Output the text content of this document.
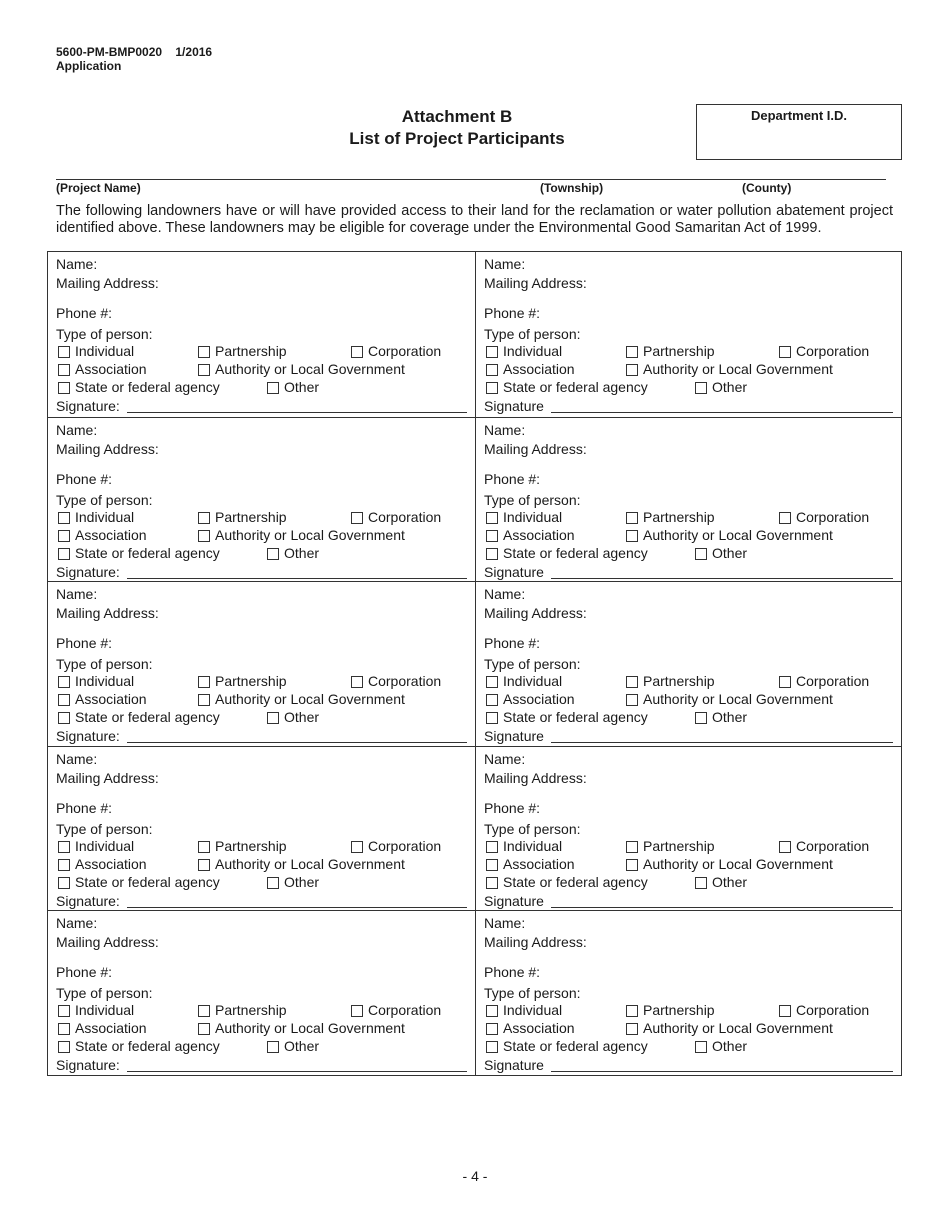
5600-PM-BMP0020    1/2016
Application
Attachment B
List of Project Participants
Department I.D.
(Project Name)	(Township)	(County)
The following landowners have or will have provided access to their land for the reclamation or water pollution abatement project identified above. These landowners may be eligible for coverage under the Environmental Good Samaritan Act of 1999.
Name:
Mailing Address:
Phone #:
Type of person:
Individual	Partnership	Corporation
Association	Authority or Local Government
State or federal agency	Other
Signature:
Name:
Mailing Address:
Phone #:
Type of person:
Individual	Partnership	Corporation
Association	Authority or Local Government
State or federal agency	Other
Signature
Name:
Mailing Address:
Phone #:
Type of person:
Individual	Partnership	Corporation
Association	Authority or Local Government
State or federal agency	Other
Signature:
Name:
Mailing Address:
Phone #:
Type of person:
Individual	Partnership	Corporation
Association	Authority or Local Government
State or federal agency	Other
Signature
Name:
Mailing Address:
Phone #:
Type of person:
Individual	Partnership	Corporation
Association	Authority or Local Government
State or federal agency	Other
Signature:
Name:
Mailing Address:
Phone #:
Type of person:
Individual	Partnership	Corporation
Association	Authority or Local Government
State or federal agency	Other
Signature
Name:
Mailing Address:
Phone #:
Type of person:
Individual	Partnership	Corporation
Association	Authority or Local Government
State or federal agency	Other
Signature:
Name:
Mailing Address:
Phone #:
Type of person:
Individual	Partnership	Corporation
Association	Authority or Local Government
State or federal agency	Other
Signature
Name:
Mailing Address:
Phone #:
Type of person:
Individual	Partnership	Corporation
Association	Authority or Local Government
State or federal agency	Other
Signature:
Name:
Mailing Address:
Phone #:
Type of person:
Individual	Partnership	Corporation
Association	Authority or Local Government
State or federal agency	Other
Signature
- 4 -
